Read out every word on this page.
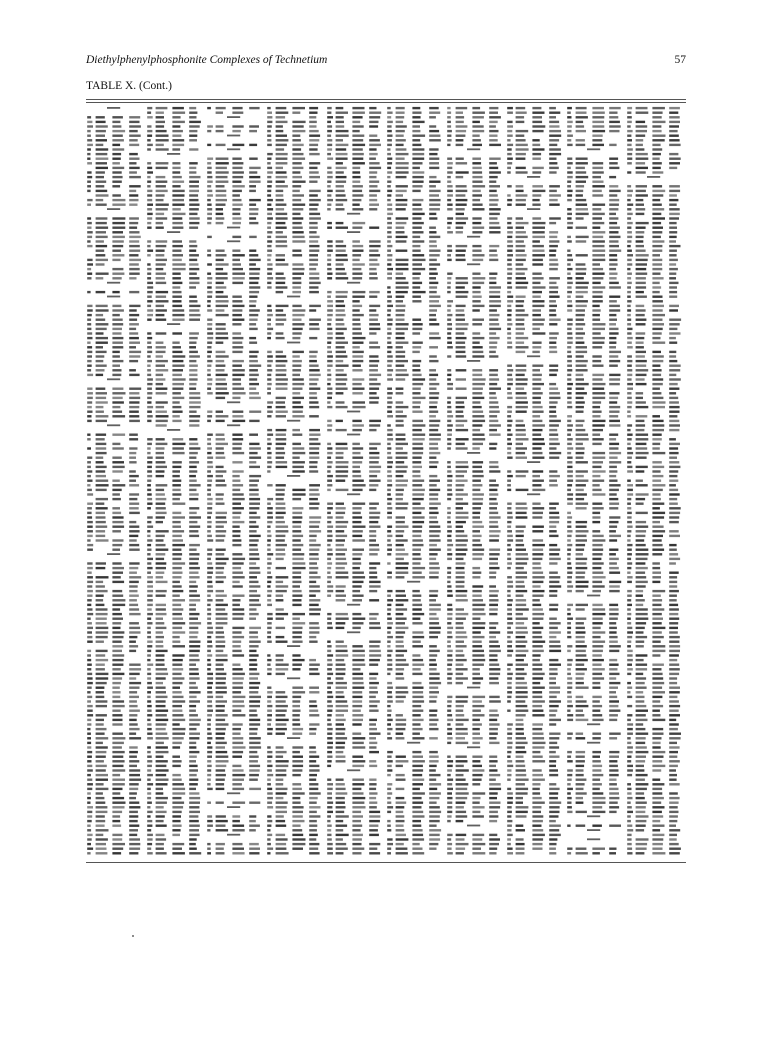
Diethylphenylphosphonite Complexes of Technetium	57
TABLE X. (Cont.)
